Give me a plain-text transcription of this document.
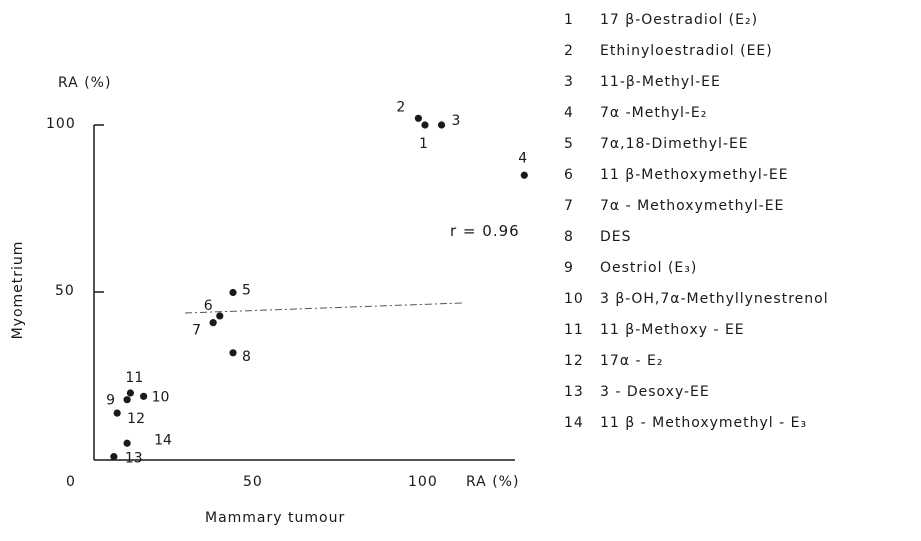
1
2
3
4
5
6
7
8
9	10
11
12
13
14
RA (%)
100
50
Myometrium
0	50	100 RA (%)
Mammary tumour
r = 0.96
1 17 β-Oestradiol (E₂)
2 Ethinyloestradiol (EE)
3 11-β-Methyl-EE
4 7α -Methyl-E₂
5 7α,18-Dimethyl-EE
6 11 β-Methoxymethyl-EE
7 7α - Methoxymethyl-EE
8 DES
9 Oestriol (E₃)
10 3 β-OH,7α-Methyllynestrenol
11 11 β-Methoxy - EE
12 17α - E₂
13 3 - Desoxy-EE
14 11 β - Methoxymethyl - E₃
